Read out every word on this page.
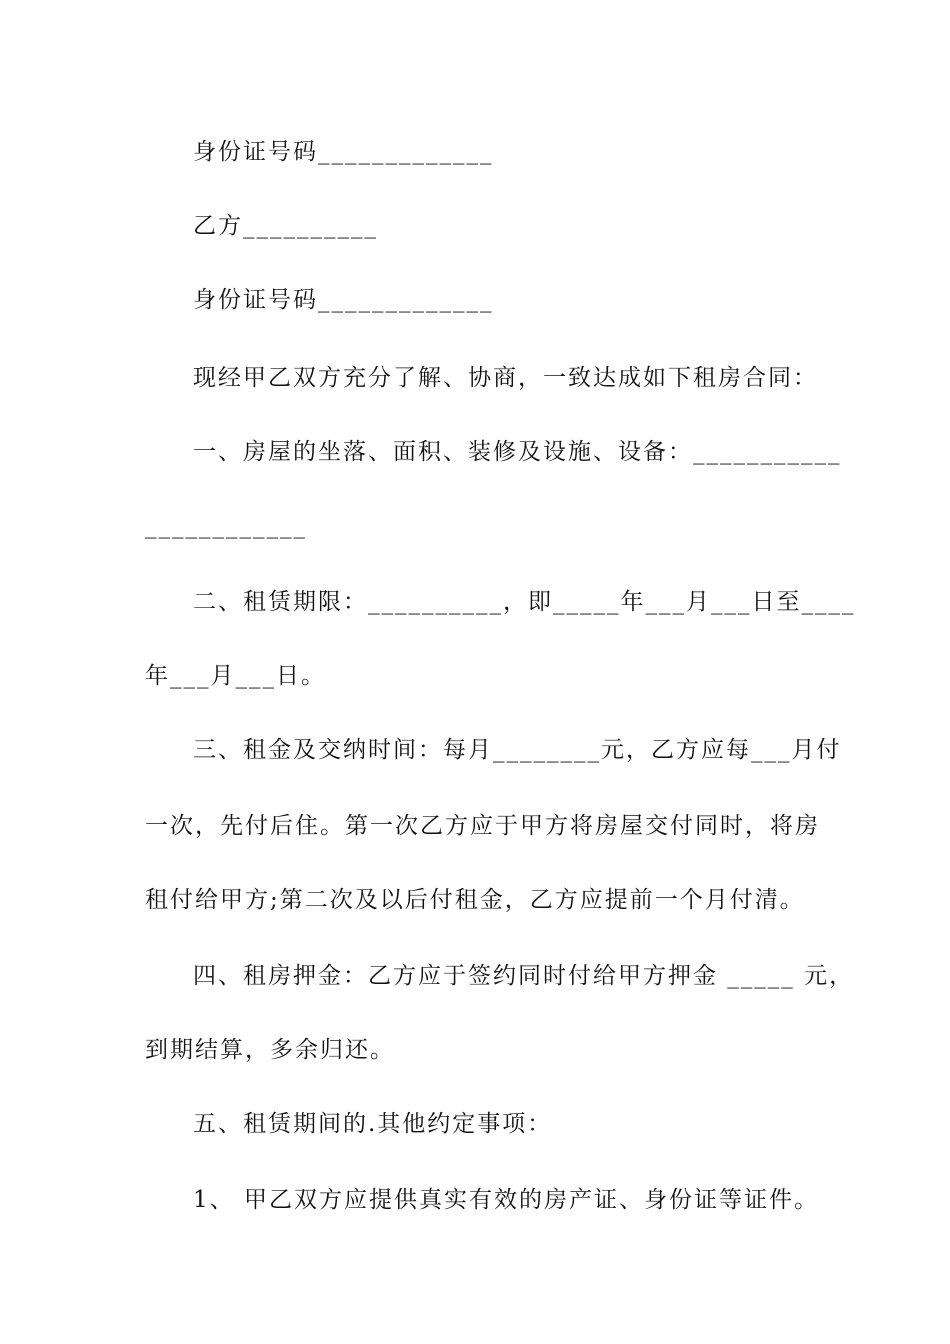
身份证号码_____________

乙方__________

身份证号码_____________

现经甲乙双方充分了解、协商，一致达成如下租房合同：

一、房屋的坐落、面积、装修及设施、设备：___________

____________

二、租赁期限：__________，即_____年___月___日至____

年___月___日。

三、租金及交纳时间：每月________元，乙方应每___月付

一次，先付后住。第一次乙方应于甲方将房屋交付同时，将房

租付给甲方;第二次及以后付租金，乙方应提前一个月付清。

四、租房押金：乙方应于签约同时付给甲方押金 _____ 元，

到期结算，多余归还。

五、租赁期间的.其他约定事项：

1、 甲乙双方应提供真实有效的房产证、身份证等证件。
